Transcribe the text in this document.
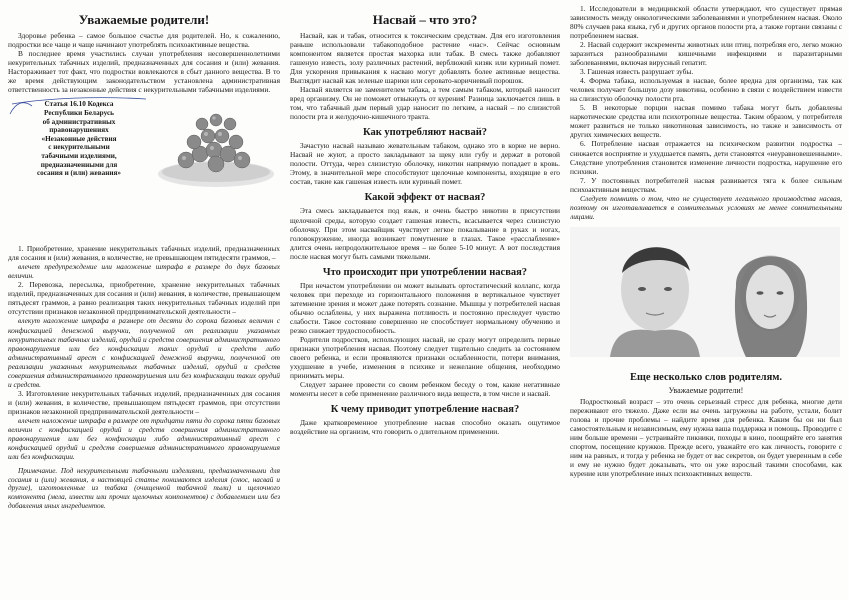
Уважаемые родители!

Здоровье ребенка – самое большое счастье для родителей. Но, к сожалению, подростки все чаще и чаще начинают употреблять психоактивные вещества.

В последнее время участились случаи употребления несовершеннолетними некурительных табачных изделий, предназначенных для сосания и (или) жевания. Настораживает тот факт, что подростки вовлекаются в сбыт данного вещества. В то же время действующим законодательством установлена административная ответственность за незаконные действия с некурительными табачными изделиями.

Статья 16.10 Кодекса
Республики Беларусь
об административных
правонарушениях
«Незаконные действия
с некурительными
табачными изделиями,
предназначенными для
сосания и (или) жевания»

1. Приобретение, хранение некурительных табачных изделий, предназначенных для сосания и (или) жевания, в количестве, не превышающем пятидесяти граммов, –

влечет предупреждение или наложение штрафа в размере до двух базовых величин.

2. Перевозка, пересылка, приобретение, хранение некурительных табачных изделий, предназначенных для сосания и (или) жевания, в количестве, превышающем пятьдесят граммов, а равно реализация таких некурительных табачных изделий при отсутствии признаков незаконной предпринимательской деятельности –

влекут наложение штрафа в размере от десяти до сорока базовых величин с конфискацией денежной выручки, полученной от реализации указанных некурительных табачных изделий, орудий и средств совершения административного правонарушения или без конфискации таких орудий и средств либо административный арест с конфискацией денежной выручки, полученной от реализации указанных некурительных табачных изделий, орудий и средств совершения административного правонарушения или без конфискации таких орудий и средств.

3. Изготовление некурительных табачных изделий, предназначенных для сосания и (или) жевания, в количестве, превышающем пятьдесят граммов, при отсутствии признаков незаконной предпринимательской деятельности –

влечет наложение штрафа в размере от тридцати пяти до сорока пяти базовых величин с конфискацией орудий и средств совершения административного правонарушения или без конфискации либо административный арест с конфискацией орудий и средств совершения административного правонарушения или без конфискации.

Примечание. Под некурительными табачными изделиями, предназначенными для сосания и (или) жевания, в настоящей статье понимаются изделия (снюс, насвай и другие), изготовленные из табака (очищенной табачной пыли) и щелочного компонента (мела, извести или прочих щелочных компонентов) с добавлением или без добавления иных ингредиентов.
Насвай – что это?

Насвай, как и табак, относится к токсическим средствам. Для его изготовления раньше использовали табакоподобное растение «нас». Сейчас основным компонентом является простая махорка или табак. В смесь также добавляют гашеную известь, золу различных растений, верблюжий кизяк или куриный помет. Для ускорения привыкания к насваю могут добавлять более активные вещества. Выглядит насвай как зеленые шарики или серовато-коричневый порошок.

Насвай является не заменителем табака, а тем самым табаком, который наносит вред организму. Он не поможет отвыкнуть от курения! Разница заключается лишь в том, что табачный дым первый удар наносит по легким, а насвай – по слизистой полости рта и желудочно-кишечного тракта.

Как употребляют насвай?

Зачастую насвай называю жевательным табаком, однако это в корне не верно. Насвай не жуют, а просто закладывают за щеку или губу и держат в ротовой полости. Оттуда, через слизистую оболочку, никотин напрямую попадает в кровь. Этому, в значительной мере способствуют щелочные компоненты, входящие в его состав, такие как гашеная известь или куриный помет.

Какой эффект от насвая?

Эта смесь закладывается под язык, и очень быстро никотин в присутствии щелочной среды, которую создает гашеная известь, всасывается через слизистую оболочку. При этом насвайщик чувствует легкое покалывание в руках и ногах, головокружение, иногда возникает помутнение в глазах. Такое «расслабление» длится очень непродолжительное время – не более 5-10 минут. А вот последствия после насвая могут быть самыми тяжелыми.

Что происходит при употреблении насвая?

При нечастом употреблении он может вызывать ортостатический коллапс, когда человек при переходе из горизонтального положения в вертикальное чувствует затемнение зрения и может даже потерять сознание. Мышцы у потребителей насвая обычно ослаблены, у них выражена потливость и постоянно преследует чувство слабости. Такое состояние совершенно не способствует нормальному обучению и резко снижает трудоспособность.

Родители подростков, использующих насвай, не сразу могут определить первые признаки употребления насвая. Поэтому следует тщательно следить за состоянием своего ребенка, и если проявляются признаки ослабленности, потери внимания, ухудшение в учебе, изменения в психике и нежелание общения, необходимо принимать меры.

Следует заранее провести со своим ребенком беседу о том, какие негативные моменты несет в себе применение различного вида веществ, в том числе и насвай.

К чему приводит употребление насвая?

Даже кратковременное употребление насвая способно оказать ощутимое воздействие на организм, что говорить о длительном применении.

1. Исследователи в медицинской области утверждают, что существует прямая зависимость между онкологическими заболеваниями и употреблением насвая. Около 80% случаев рака языка, губ и других органов полости рта, а также гортани связаны с потреблением насвая.

2. Насвай содержит экскременты животных или птиц, потребляя его, легко можно заразиться разнообразными кишечными инфекциями и паразитарными заболеваниями, включая вирусный гепатит.

3. Гашеная известь разрушает зубы.

4. Форма табака, используемая в насвае, более вредна для организма, так как человек получает большую дозу никотина, особенно в связи с воздействием извести на слизистую оболочку полости рта.

5. В некоторые порции насвая помимо табака могут быть добавлены наркотические средства или психотропные вещества. Таким образом, у потребителя может развиться не только никотиновая зависимость, но также и зависимость от других химических веществ.

6. Потребление насвая отражается на психическом развитии подростка – снижается восприятие и ухудшается память, дети становятся «неуравновешенными». Следствие употребления становится изменение личности подростка, нарушение его психики.

7. У постоянных потребителей насвая развивается тяга к более сильным психоактивным веществам.

Следует помнить о том, что не существует легального производства насвая, поэтому он изготавливается в сомнительных условиях не менее сомнительными лицами.

Еще несколько слов родителям.
Уважаемые родители!

Подростковый возраст – это очень серьезный стресс для ребенка, многие дети переживают его тяжело. Даже если вы очень загружены на работе, устали, болит голова и прочие проблемы – найдите время для ребенка. Каким бы он ни был самостоятельным и независимым, ему нужна ваша поддержка и помощь. Проводите с ним больше времени – устраивайте пикники, походы в кино, поощряйте его занятия спортом, посещение кружков. Прежде всего, уважайте его как личность, говорите с ним на равных, и тогда у ребенка не будет от вас секретов, он будет уверенным в себе и ему не нужно будет доказывать, что он уже взрослый такими способами, как курение или употребление иных психоактивных веществ.
